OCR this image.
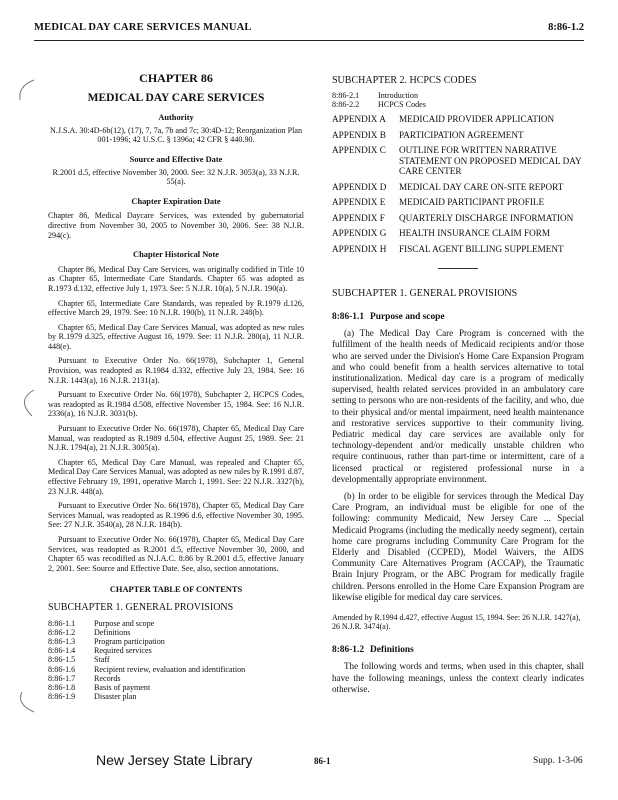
MEDICAL DAY CARE SERVICES MANUAL	8:86-1.2
CHAPTER 86
MEDICAL DAY CARE SERVICES
Authority

N.J.S.A. 30:4D-6b(12), (17), 7, 7a, 7b and 7c; 30:4D-12; Reorganization Plan 001-1996; 42 U.S.C. § 1396a; 42 CFR § 440.90.

Source and Effective Date

R.2001 d.5, effective November 30, 2000. See: 32 N.J.R. 3053(a), 33 N.J.R. 55(a).

Chapter Expiration Date

Chapter 86, Medical Daycare Services, was extended by gubernatorial directive from November 30, 2005 to November 30, 2006. See: 38 N.J.R. 294(c).

Chapter Historical Note

Chapter 86, Medical Day Care Services, was originally codified in Title 10 as Chapter 65, Intermediate Care Standards. Chapter 65 was adopted as R.1973 d.132, effective July 1, 1973. See: 5 N.J.R. 10(a), 5 N.J.R. 190(a).

Chapter 65, Intermediate Care Standards, was repealed by R.1979 d.126, effective March 29, 1979. See: 10 N.J.R. 190(b), 11 N.J.R. 248(b).

Chapter 65, Medical Day Care Services Manual, was adopted as new rules by R.1979 d.325, effective August 16, 1979. See: 11 N.J.R. 280(a), 11 N.J.R. 448(e).

Pursuant to Executive Order No. 66(1978), Subchapter 1, General Provision, was readopted as R.1984 d.332, effective July 23, 1984. See: 16 N.J.R. 1443(a), 16 N.J.R. 2131(a).

Pursuant to Executive Order No. 66(1978), Subchapter 2, HCPCS Codes, was readopted as R.1984 d.508, effective November 15, 1984. See: 16 N.J.R. 2336(a), 16 N.J.R. 3031(b).

Pursuant to Executive Order No. 66(1978), Chapter 65, Medical Day Care Manual, was readopted as R.1989 d.504, effective August 25, 1989. See: 21 N.J.R. 1794(a), 21 N.J.R. 3005(a).

Chapter 65, Medical Day Care Manual, was repealed and Chapter 65, Medical Day Care Services Manual, was adopted as new rules by R.1991 d.87, effective February 19, 1991, operative March 1, 1991. See: 22 N.J.R. 3327(b), 23 N.J.R. 448(a).

Pursuant to Executive Order No. 66(1978), Chapter 65, Medical Day Care Services Manual, was readopted as R.1996 d.6, effective November 30, 1995. See: 27 N.J.R. 3540(a), 28 N.J.R. 184(b).

Pursuant to Executive Order No. 66(1978), Chapter 65, Medical Day Care Services, was readopted as R.2001 d.5, effective November 30, 2000, and Chapter 65 was recodified as N.J.A.C. 8:86 by R.2001 d.5, effective January 2, 2001. See: Source and Effective Date. See, also, section annotations.

CHAPTER TABLE OF CONTENTS
SUBCHAPTER 1. GENERAL PROVISIONS
8:86-1.1	Purpose and scope
8:86-1.2	Definitions
8:86-1.3	Program participation
8:86-1.4	Required services
8:86-1.5	Staff
8:86-1.6	Recipient review, evaluation and identification
8:86-1.7	Records
8:86-1.8	Basis of payment
8:86-1.9	Disaster plan
SUBCHAPTER 2. HCPCS CODES
8:86-2.1	Introduction
8:86-2.2	HCPCS Codes
APPENDIX A	MEDICAID PROVIDER APPLICATION
APPENDIX B	PARTICIPATION AGREEMENT
APPENDIX C	OUTLINE FOR WRITTEN NARRATIVE STATEMENT ON PROPOSED MEDICAL DAY CARE CENTER
APPENDIX D	MEDICAL DAY CARE ON-SITE REPORT
APPENDIX E	MEDICAID PARTICIPANT PROFILE
APPENDIX F	QUARTERLY DISCHARGE INFORMATION
APPENDIX G	HEALTH INSURANCE CLAIM FORM
APPENDIX H	FISCAL AGENT BILLING SUPPLEMENT
SUBCHAPTER 1. GENERAL PROVISIONS
8:86-1.1 Purpose and scope

(a) The Medical Day Care Program is concerned with the fulfillment of the health needs of Medicaid recipients and/or those who are served under the Division's Home Care Expansion Program and who could benefit from a health services alternative to total institutionalization. Medical day care is a program of medically supervised, health related services provided in an ambulatory care setting to persons who are non-residents of the facility, and who, due to their physical and/or mental impairment, need health maintenance and restorative services supportive to their community living. Pediatric medical day care services are available only for technology-dependent and/or medically unstable children who require continuous, rather than part-time or intermittent, care of a licensed practical or registered professional nurse in a developmentally appropriate environment.

(b) In order to be eligible for services through the Medical Day Care Program, an individual must be eligible for one of the following: community Medicaid, New Jersey Care ... Special Medicaid Programs (including the medically needy segment), certain home care programs including Community Care Program for the Elderly and Disabled (CCPED), Model Waivers, the AIDS Community Care Alternatives Program (ACCAP), the Traumatic Brain Injury Program, or the ABC Program for medically fragile children. Persons enrolled in the Home Care Expansion Program are likewise eligible for medical day care services.

Amended by R.1994 d.427, effective August 15, 1994. See: 26 N.J.R. 1427(a), 26 N.J.R. 3474(a).

8:86-1.2 Definitions

The following words and terms, when used in this chapter, shall have the following meanings, unless the context clearly indicates otherwise.

New Jersey State Library	86-1	Supp. 1-3-06
